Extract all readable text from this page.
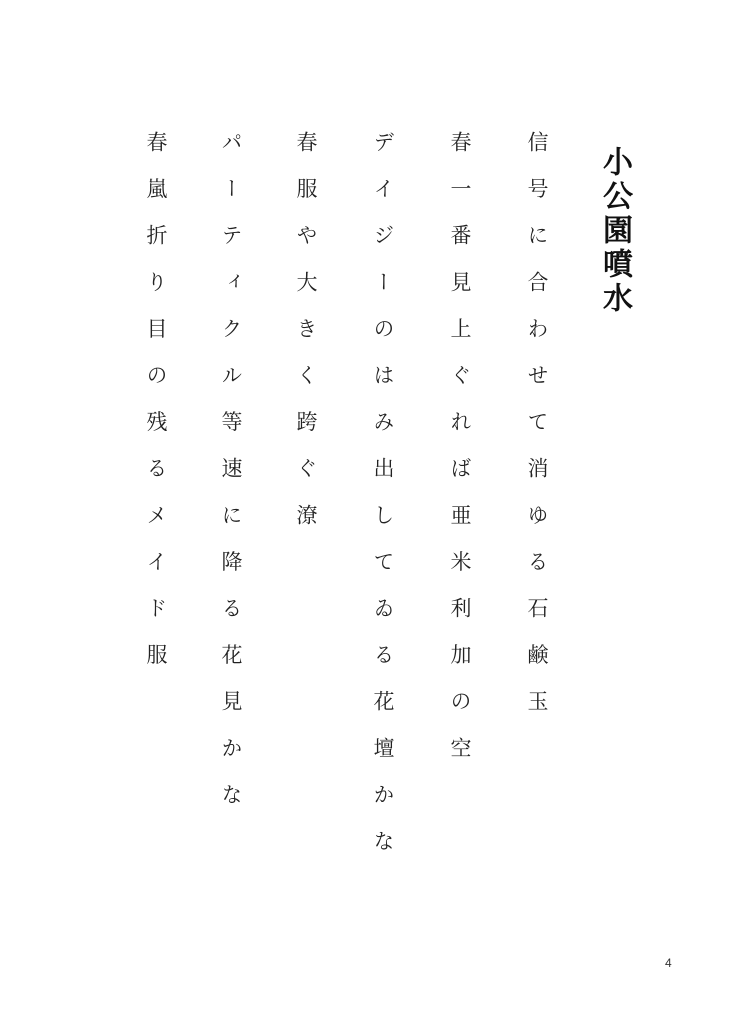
小公園噴水
信号に合わせて消ゆる石鹸玉
春一番見上ぐれば亜米利加の空
デイジーのはみ出してゐる花壇かな
春服や大きく跨ぐ潦
パーティクル等速に降る花見かな
春嵐折り目の残るメイド服
4
